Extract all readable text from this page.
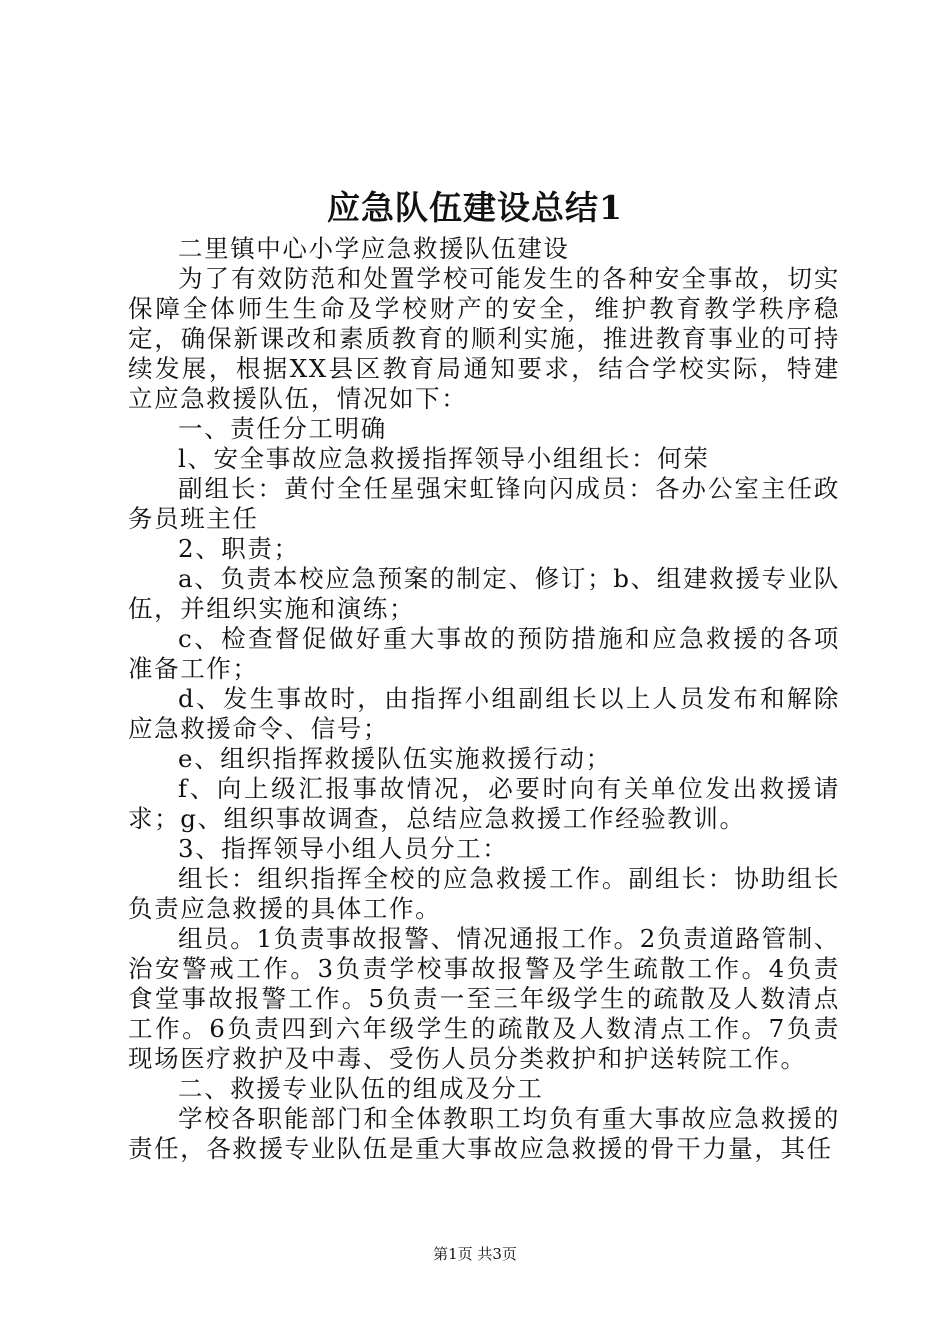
应急队伍建设总结1

二里镇中心小学应急救援队伍建设

为了有效防范和处置学校可能发生的各种安全事故，切实保障全体师生生命及学校财产的安全，维护教育教学秩序稳定，确保新课改和素质教育的顺利实施，推进教育事业的可持续发展，根据XX县区教育局通知要求，结合学校实际，特建立应急救援队伍，情况如下：

一、责任分工明确

l、安全事故应急救援指挥领导小组组长：何荣

副组长：黄付全任星强宋虹锋向闪成员：各办公室主任政务员班主任

2、职责；

a、负责本校应急预案的制定、修订；b、组建救援专业队伍，并组织实施和演练；

c、检查督促做好重大事故的预防措施和应急救援的各项准备工作；

d、发生事故时，由指挥小组副组长以上人员发布和解除应急救援命令、信号；

e、组织指挥救援队伍实施救援行动；

f、向上级汇报事故情况，必要时向有关单位发出救援请求；g、组织事故调查，总结应急救援工作经验教训。

3、指挥领导小组人员分工：

组长：组织指挥全校的应急救援工作。副组长：协助组长负责应急救援的具体工作。

组员。1负责事故报警、情况通报工作。2负责道路管制、治安警戒工作。3负责学校事故报警及学生疏散工作。4负责食堂事故报警工作。5负责一至三年级学生的疏散及人数清点工作。6负责四到六年级学生的疏散及人数清点工作。7负责现场医疗救护及中毒、受伤人员分类救护和护送转院工作。

二、救援专业队伍的组成及分工

学校各职能部门和全体教职工均负有重大事故应急救援的责任，各救援专业队伍是重大事故应急救援的骨干力量，其任

第1页 共3页
